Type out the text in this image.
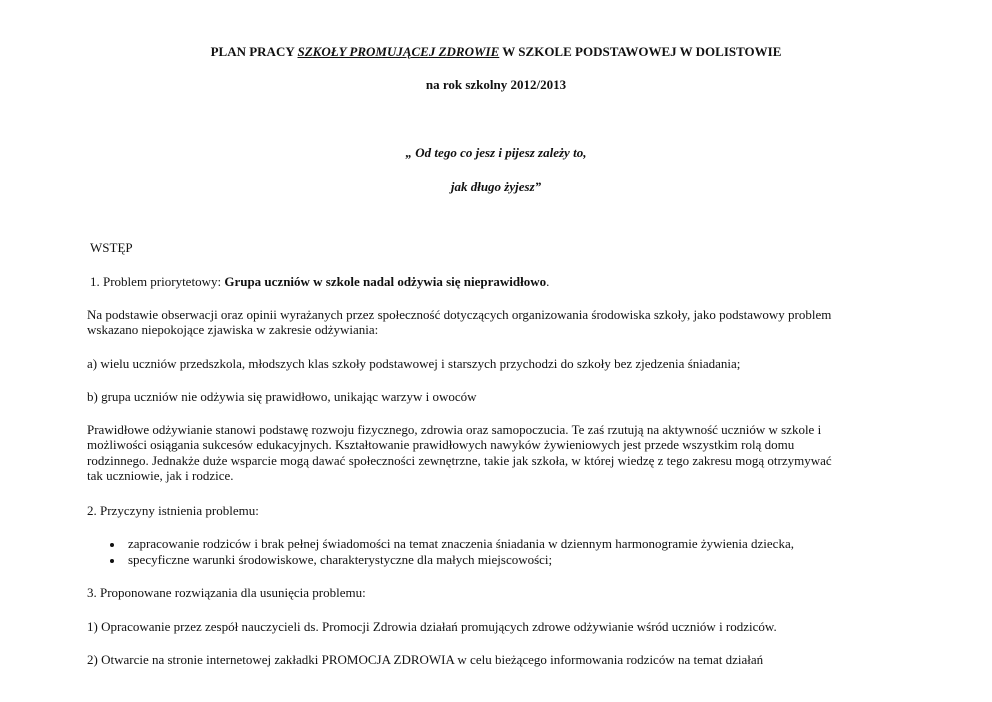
PLAN PRACY SZKOŁY PROMUJĄCEJ ZDROWIE W SZKOLE PODSTAWOWEJ W DOLISTOWIE
na rok szkolny 2012/2013
„ Od tego co jesz i pijesz zależy to,
jak długo żyjesz”
WSTĘP
1. Problem priorytetowy: Grupa uczniów w szkole nadal odżywia się nieprawidłowo.
Na podstawie obserwacji oraz opinii wyrażanych przez społeczność dotyczących organizowania środowiska szkoły, jako podstawowy problem
wskazano niepokojące zjawiska w zakresie odżywiania:
a) wielu uczniów przedszkola, młodszych klas szkoły podstawowej i starszych przychodzi do szkoły bez zjedzenia śniadania;
b) grupa uczniów nie odżywia się prawidłowo, unikając warzyw i owoców
Prawidłowe odżywianie stanowi podstawę rozwoju fizycznego, zdrowia oraz samopoczucia. Te zaś rzutują na aktywność uczniów w szkole i
możliwości osiągania sukcesów edukacyjnych. Kształtowanie prawidłowych nawyków żywieniowych jest przede wszystkim rolą domu
rodzinnego. Jednakże duże wsparcie mogą dawać społeczności zewnętrzne, takie jak szkoła, w której wiedzę z tego zakresu mogą otrzymywać
tak uczniowie, jak i rodzice.
2. Przyczyny istnienia problemu:
zapracowanie rodziców i brak pełnej świadomości na temat znaczenia śniadania w dziennym harmonogramie żywienia dziecka,
specyficzne warunki środowiskowe, charakterystyczne dla małych miejscowości;
3. Proponowane rozwiązania dla usunięcia problemu:
1) Opracowanie przez zespół nauczycieli ds. Promocji Zdrowia działań promujących zdrowe odżywianie wśród uczniów i rodziców.
2) Otwarcie na stronie internetowej zakładki PROMOCJA ZDROWIA w celu bieżącego informowania rodziców na temat działań
